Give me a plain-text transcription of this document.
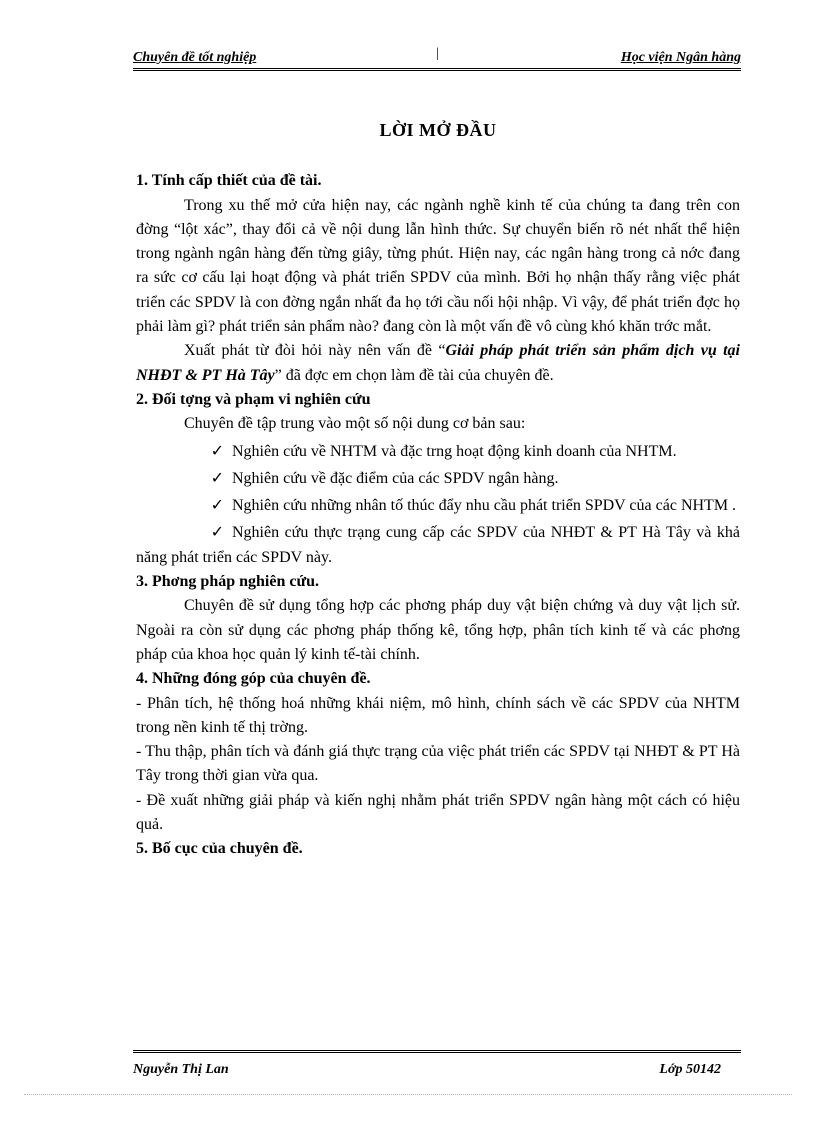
Chuyên đề tốt nghiệp	|	Học viện Ngân hàng
LỜI MỞ ĐẦU
1. Tính cấp thiết của đề tài.
Trong xu thế mở cửa hiện nay, các ngành nghề kinh tế của chúng ta đang trên con đờng “lột xác”, thay đổi cả về nội dung lẫn hình thức. Sự chuyển biến rõ nét nhất thể hiện trong ngành ngân hàng đến từng giây, từng phút. Hiện nay, các ngân hàng trong cả nớc đang ra sức cơ cấu lại hoạt động và phát triển SPDV của mình. Bởi họ nhận thấy rằng việc phát triển các SPDV là con đờng ngắn nhất đa họ tới cầu nối hội nhập. Vì vậy, để phát triển đợc họ phải làm gì? phát triển sản phẩm nào? đang còn là một vấn đề vô cùng khó khăn trớc mắt.
Xuất phát từ đòi hỏi này nên vấn đề “Giải pháp phát triển sản phẩm dịch vụ tại NHĐT & PT Hà Tây” đã đợc em chọn làm đề tài của chuyên đề.
2. Đối tợng và phạm vi nghiên cứu
Chuyên đề tập trung vào một số nội dung cơ bản sau:
✓ Nghiên cứu về NHTM và đặc trng hoạt động kinh doanh của NHTM.
✓ Nghiên cứu về đặc điểm của các SPDV ngân hàng.
✓ Nghiên cứu những nhân tố thúc đẩy nhu cầu phát triển SPDV của các NHTM .
✓ Nghiên cứu thực trạng cung cấp các SPDV của NHĐT & PT Hà Tây và khả năng phát triển các SPDV này.
3. Phơng pháp nghiên cứu.
Chuyên đề sử dụng tổng hợp các phơng pháp duy vật biện chứng và duy vật lịch sử. Ngoài ra còn sử dụng các phơng pháp thống kê, tổng hợp, phân tích kinh tế và các phơng pháp của khoa học quản lý kinh tế-tài chính.
4. Những đóng góp của chuyên đề.
- Phân tích, hệ thống hoá những khái niệm, mô hình, chính sách về các SPDV của NHTM trong nền kinh tế thị trờng.
- Thu thập, phân tích và đánh giá thực trạng của việc phát triển các SPDV tại NHĐT & PT Hà Tây trong thời gian vừa qua.
- Đề xuất những giải pháp và kiến nghị nhằm phát triển SPDV ngân hàng một cách có hiệu quả.
5. Bố cục của chuyên đề.
Nguyễn Thị Lan	Lớp 50142
